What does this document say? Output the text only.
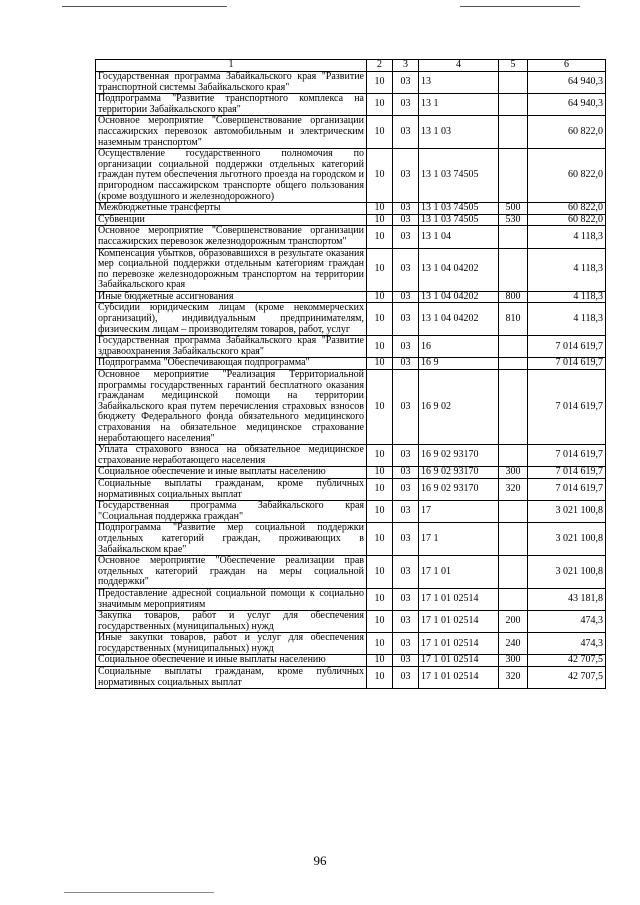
1	2	3	4	5	6
Государственная программа Забайкальского края "Развитие транспортной системы Забайкальского края"	10	03	13		64 940,3
Подпрограмма "Развитие транспортного комплекса на территории Забайкальского края"	10	03	13 1		64 940,3
Основное мероприятие "Совершенствование организации пассажирских перевозок автомобильным и электрическим наземным транспортом"	10	03	13 1 03		60 822,0
Осуществление государственного полномочия по организации социальной поддержки отдельных категорий граждан путем обеспечения льготного проезда на городском и пригородном пассажирском транспорте общего пользования (кроме воздушного и железнодорожного)	10	03	13 1 03 74505		60 822,0
Межбюджетные трансферты	10	03	13 1 03 74505	500	60 822,0
Субвенции	10	03	13 1 03 74505	530	60 822,0
Основное мероприятие "Совершенствование организации пассажирских перевозок железнодорожным транспортом"	10	03	13 1 04		4 118,3
Компенсация убытков, образовавшихся в результате оказания мер социальной поддержки отдельным категориям граждан по перевозке железнодорожным транспортом на территории Забайкальского края	10	03	13 1 04 04202		4 118,3
Иные бюджетные ассигнования	10	03	13 1 04 04202	800	4 118,3
Субсидии юридическим лицам (кроме некоммерческих организаций), индивидуальным предпринимателям, физическим лицам – производителям товаров, работ, услуг	10	03	13 1 04 04202	810	4 118,3
Государственная программа Забайкальского края "Развитие здравоохранения Забайкальского края"	10	03	16		7 014 619,7
Подпрограмма "Обеспечивающая подпрограмма"	10	03	16 9		7 014 619,7
Основное мероприятие "Реализация Территориальной программы государственных гарантий бесплатного оказания гражданам медицинской помощи на территории Забайкальского края путем перечисления страховых взносов бюджету Федерального фонда обязательного медицинского страхования на обязательное медицинское страхование неработающего населения"	10	03	16 9 02		7 014 619,7
Уплата страхового взноса на обязательное медицинское страхование неработающего населения	10	03	16 9 02 93170		7 014 619,7
Социальное обеспечение и иные выплаты населению	10	03	16 9 02 93170	300	7 014 619,7
Социальные выплаты гражданам, кроме публичных нормативных социальных выплат	10	03	16 9 02 93170	320	7 014 619,7
Государственная программа Забайкальского края "Социальная поддержка граждан"	10	03	17		3 021 100,8
Подпрограмма "Развитие мер социальной поддержки отдельных категорий граждан, проживающих в Забайкальском крае"	10	03	17 1		3 021 100,8
Основное мероприятие "Обеспечение реализации прав отдельных категорий граждан на меры социальной поддержки"	10	03	17 1 01		3 021 100,8
Предоставление адресной социальной помощи к социально значимым мероприятиям	10	03	17 1 01 02514		43 181,8
Закупка товаров, работ и услуг для обеспечения государственных (муниципальных) нужд	10	03	17 1 01 02514	200	474,3
Иные закупки товаров, работ и услуг для обеспечения государственных (муниципальных) нужд	10	03	17 1 01 02514	240	474,3
Социальное обеспечение и иные выплаты населению	10	03	17 1 01 02514	300	42 707,5
Социальные выплаты гражданам, кроме публичных нормативных социальных выплат	10	03	17 1 01 02514	320	42 707,5
96
